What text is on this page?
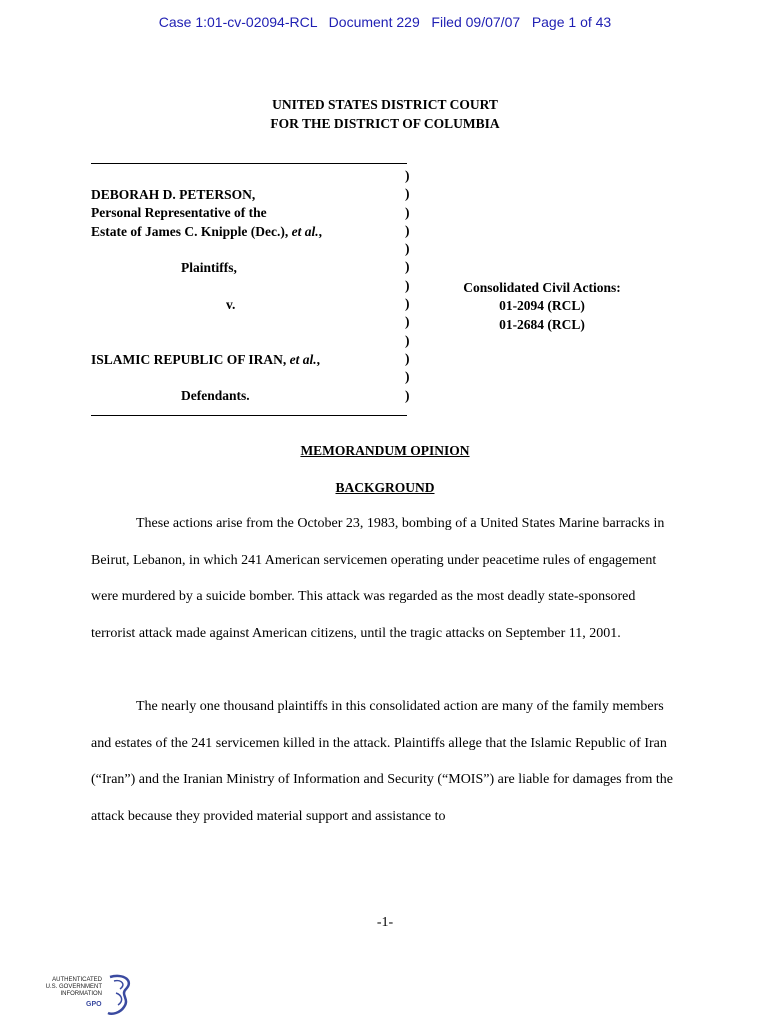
Case 1:01-cv-02094-RCL Document 229 Filed 09/07/07 Page 1 of 43
UNITED STATES DISTRICT COURT
FOR THE DISTRICT OF COLUMBIA
)
)
)
)
)
)
)
)
)
)
)
)
)
DEBORAH D. PETERSON,
Personal Representative of the
Estate of James C. Knipple (Dec.), et al.,

Plaintiffs,

v.

ISLAMIC REPUBLIC OF IRAN, et al.,

Defendants.
Consolidated Civil Actions:
01-2094 (RCL)
01-2684 (RCL)
MEMORANDUM OPINION
BACKGROUND
These actions arise from the October 23, 1983, bombing of a United States Marine barracks in Beirut, Lebanon, in which 241 American servicemen operating under peacetime rules of engagement were murdered by a suicide bomber. This attack was regarded as the most deadly state-sponsored terrorist attack made against American citizens, until the tragic attacks on September 11, 2001.
The nearly one thousand plaintiffs in this consolidated action are many of the family members and estates of the 241 servicemen killed in the attack. Plaintiffs allege that the Islamic Republic of Iran (“Iran”) and the Iranian Ministry of Information and Security (“MOIS”) are liable for damages from the attack because they provided material support and assistance to
-1-
AUTHENTICATED
U.S. GOVERNMENT
INFORMATION
GPO
